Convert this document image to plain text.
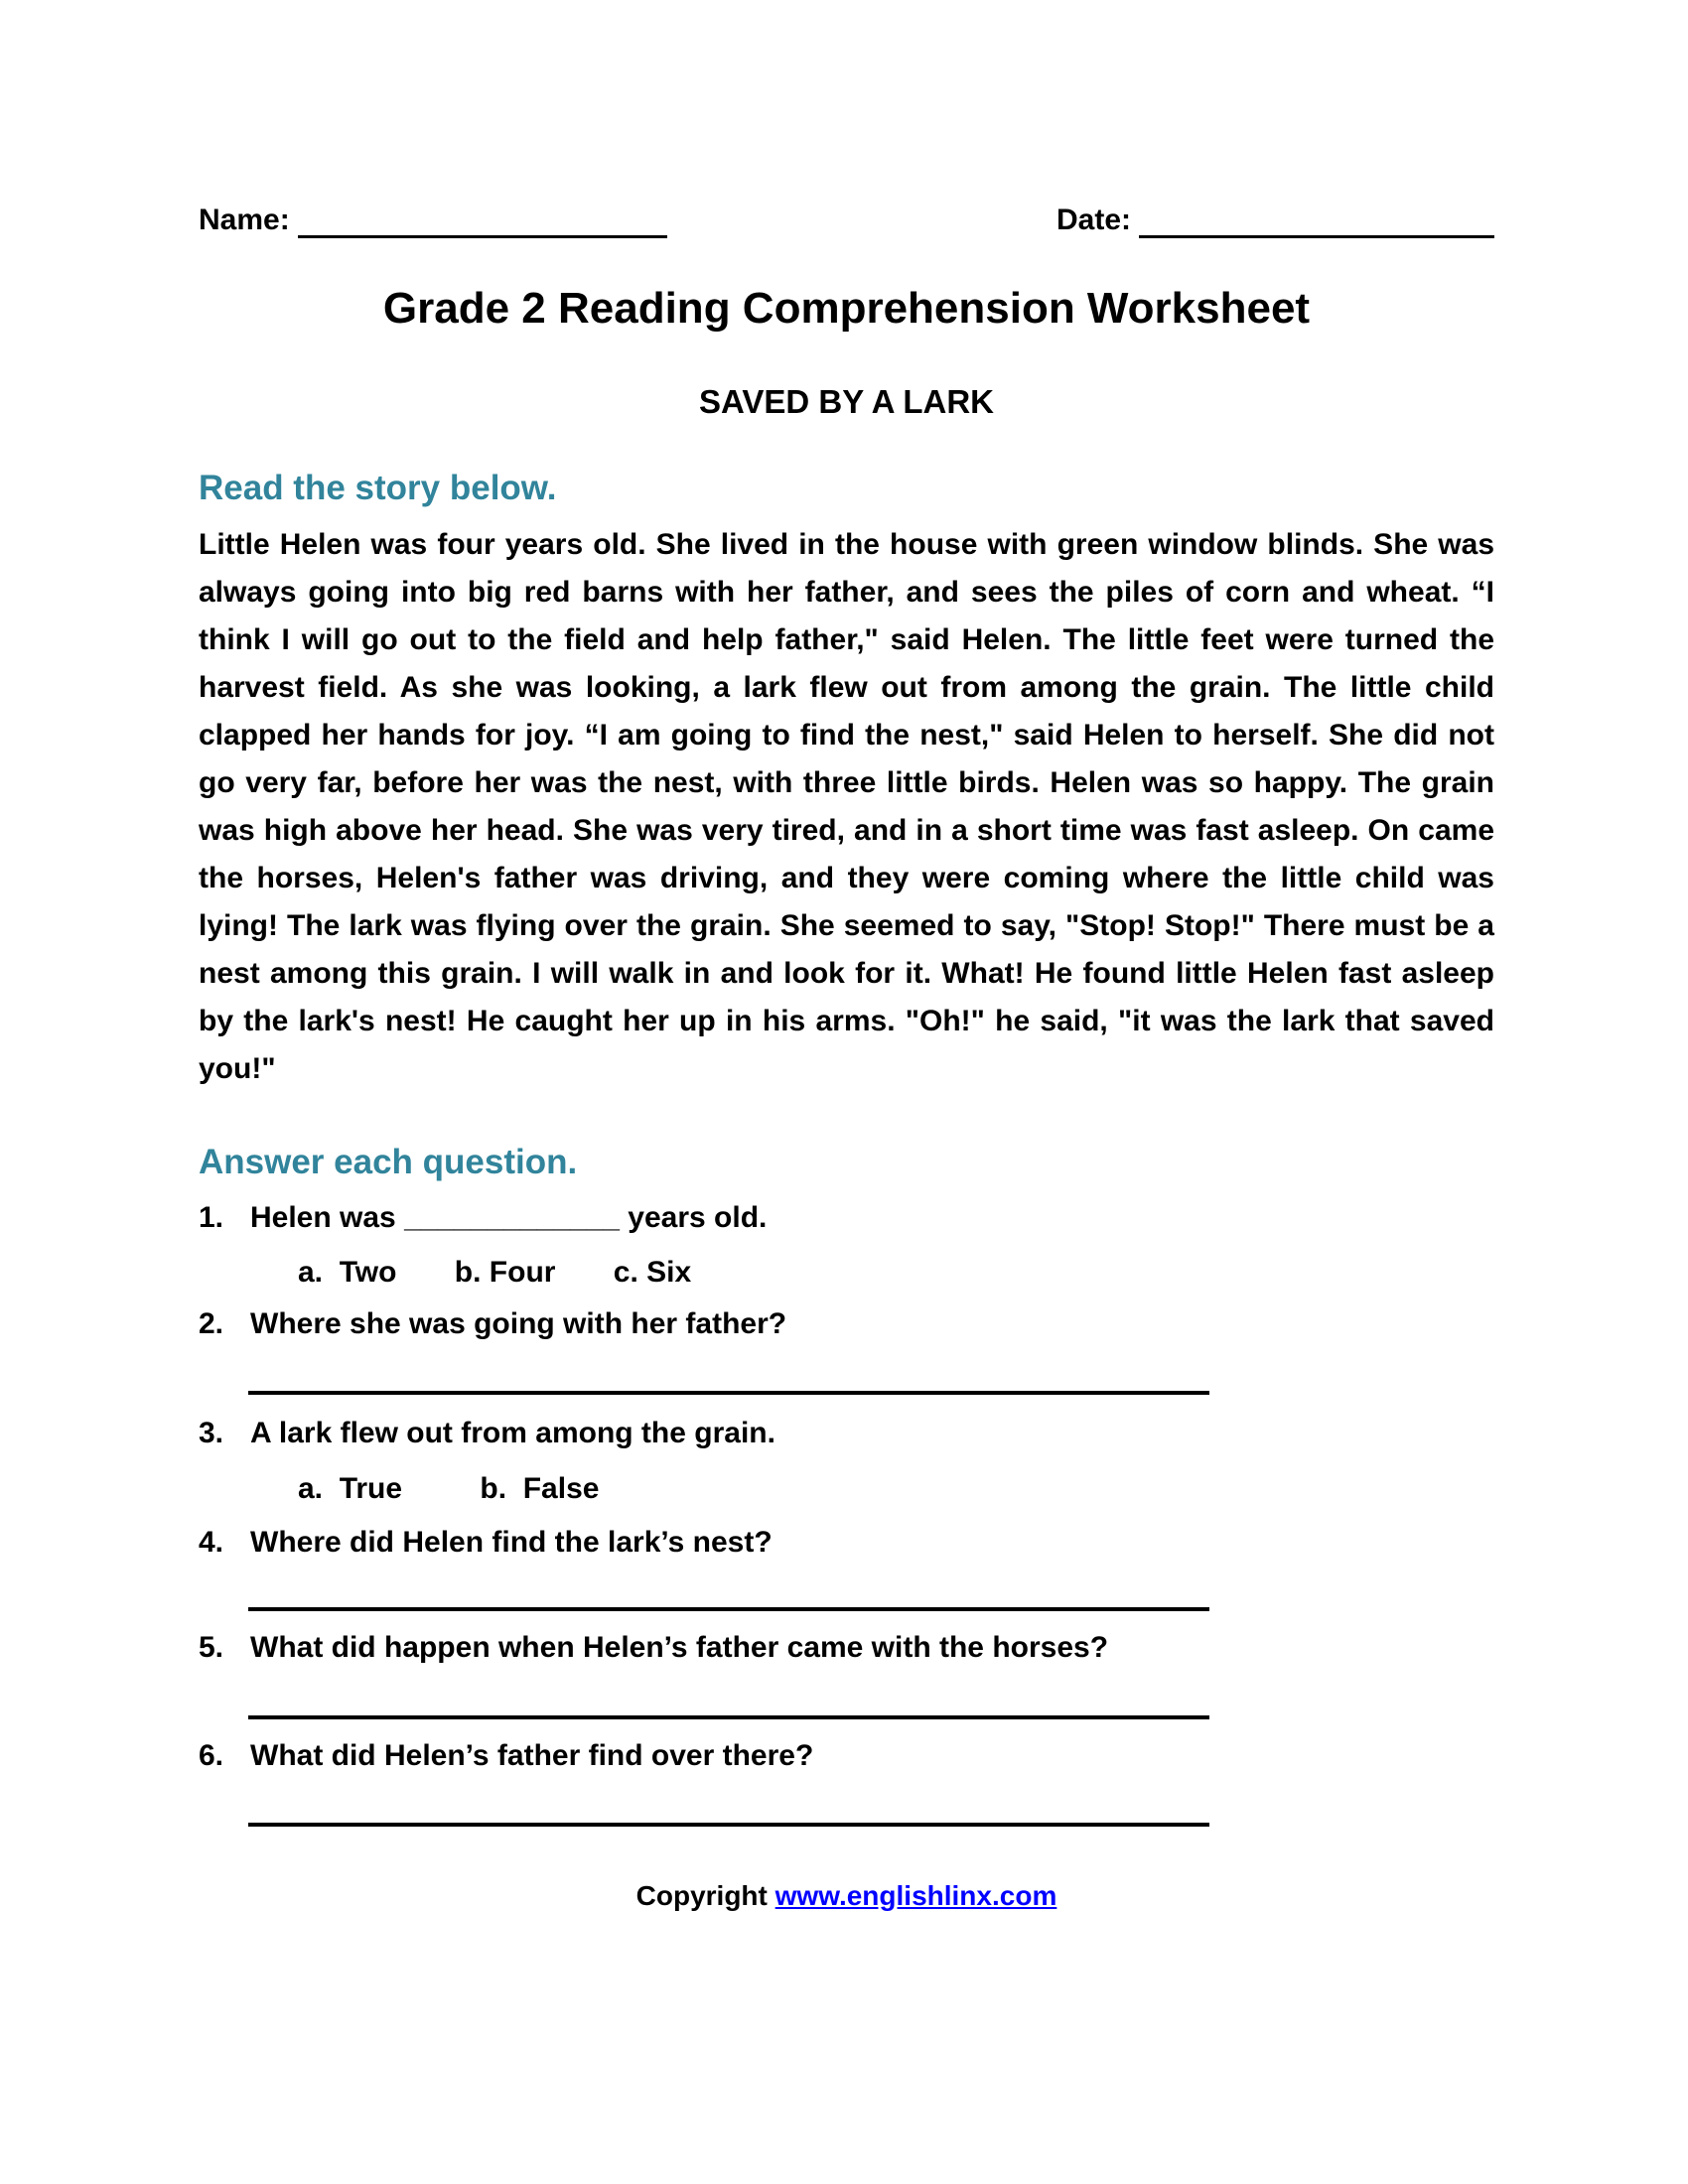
Name:	Date:
Grade 2 Reading Comprehension Worksheet
SAVED BY A LARK
Read the story below.
Little Helen was four years old. She lived in the house with green window blinds. She was always going into big red barns with her father, and sees the piles of corn and wheat. “I think I will go out to the field and help father," said Helen. The little feet were turned the harvest field. As she was looking, a lark flew out from among the grain. The little child clapped her hands for joy. “I am going to find the nest," said Helen to herself. She did not go very far, before her was the nest, with three little birds. Helen was so happy. The grain was high above her head. She was very tired, and in a short time was fast asleep. On came the horses, Helen's father was driving, and they were coming where the little child was lying! The lark was flying over the grain. She seemed to say, "Stop! Stop!" There must be a nest among this grain. I will walk in and look for it. What! He found little Helen fast asleep by the lark's nest! He caught her up in his arms. "Oh!" he said, "it was the lark that saved you!"
Answer each question.
1. Helen was _____________ years old.
a.  Two b. Four c. Six
2. Where she was going with her father?
3. A lark flew out from among the grain.
a.  True	b.  False
4. Where did Helen find the lark’s nest?
5. What did happen when Helen’s father came with the horses?
6. What did Helen’s father find over there?
Copyright www.englishlinx.com
